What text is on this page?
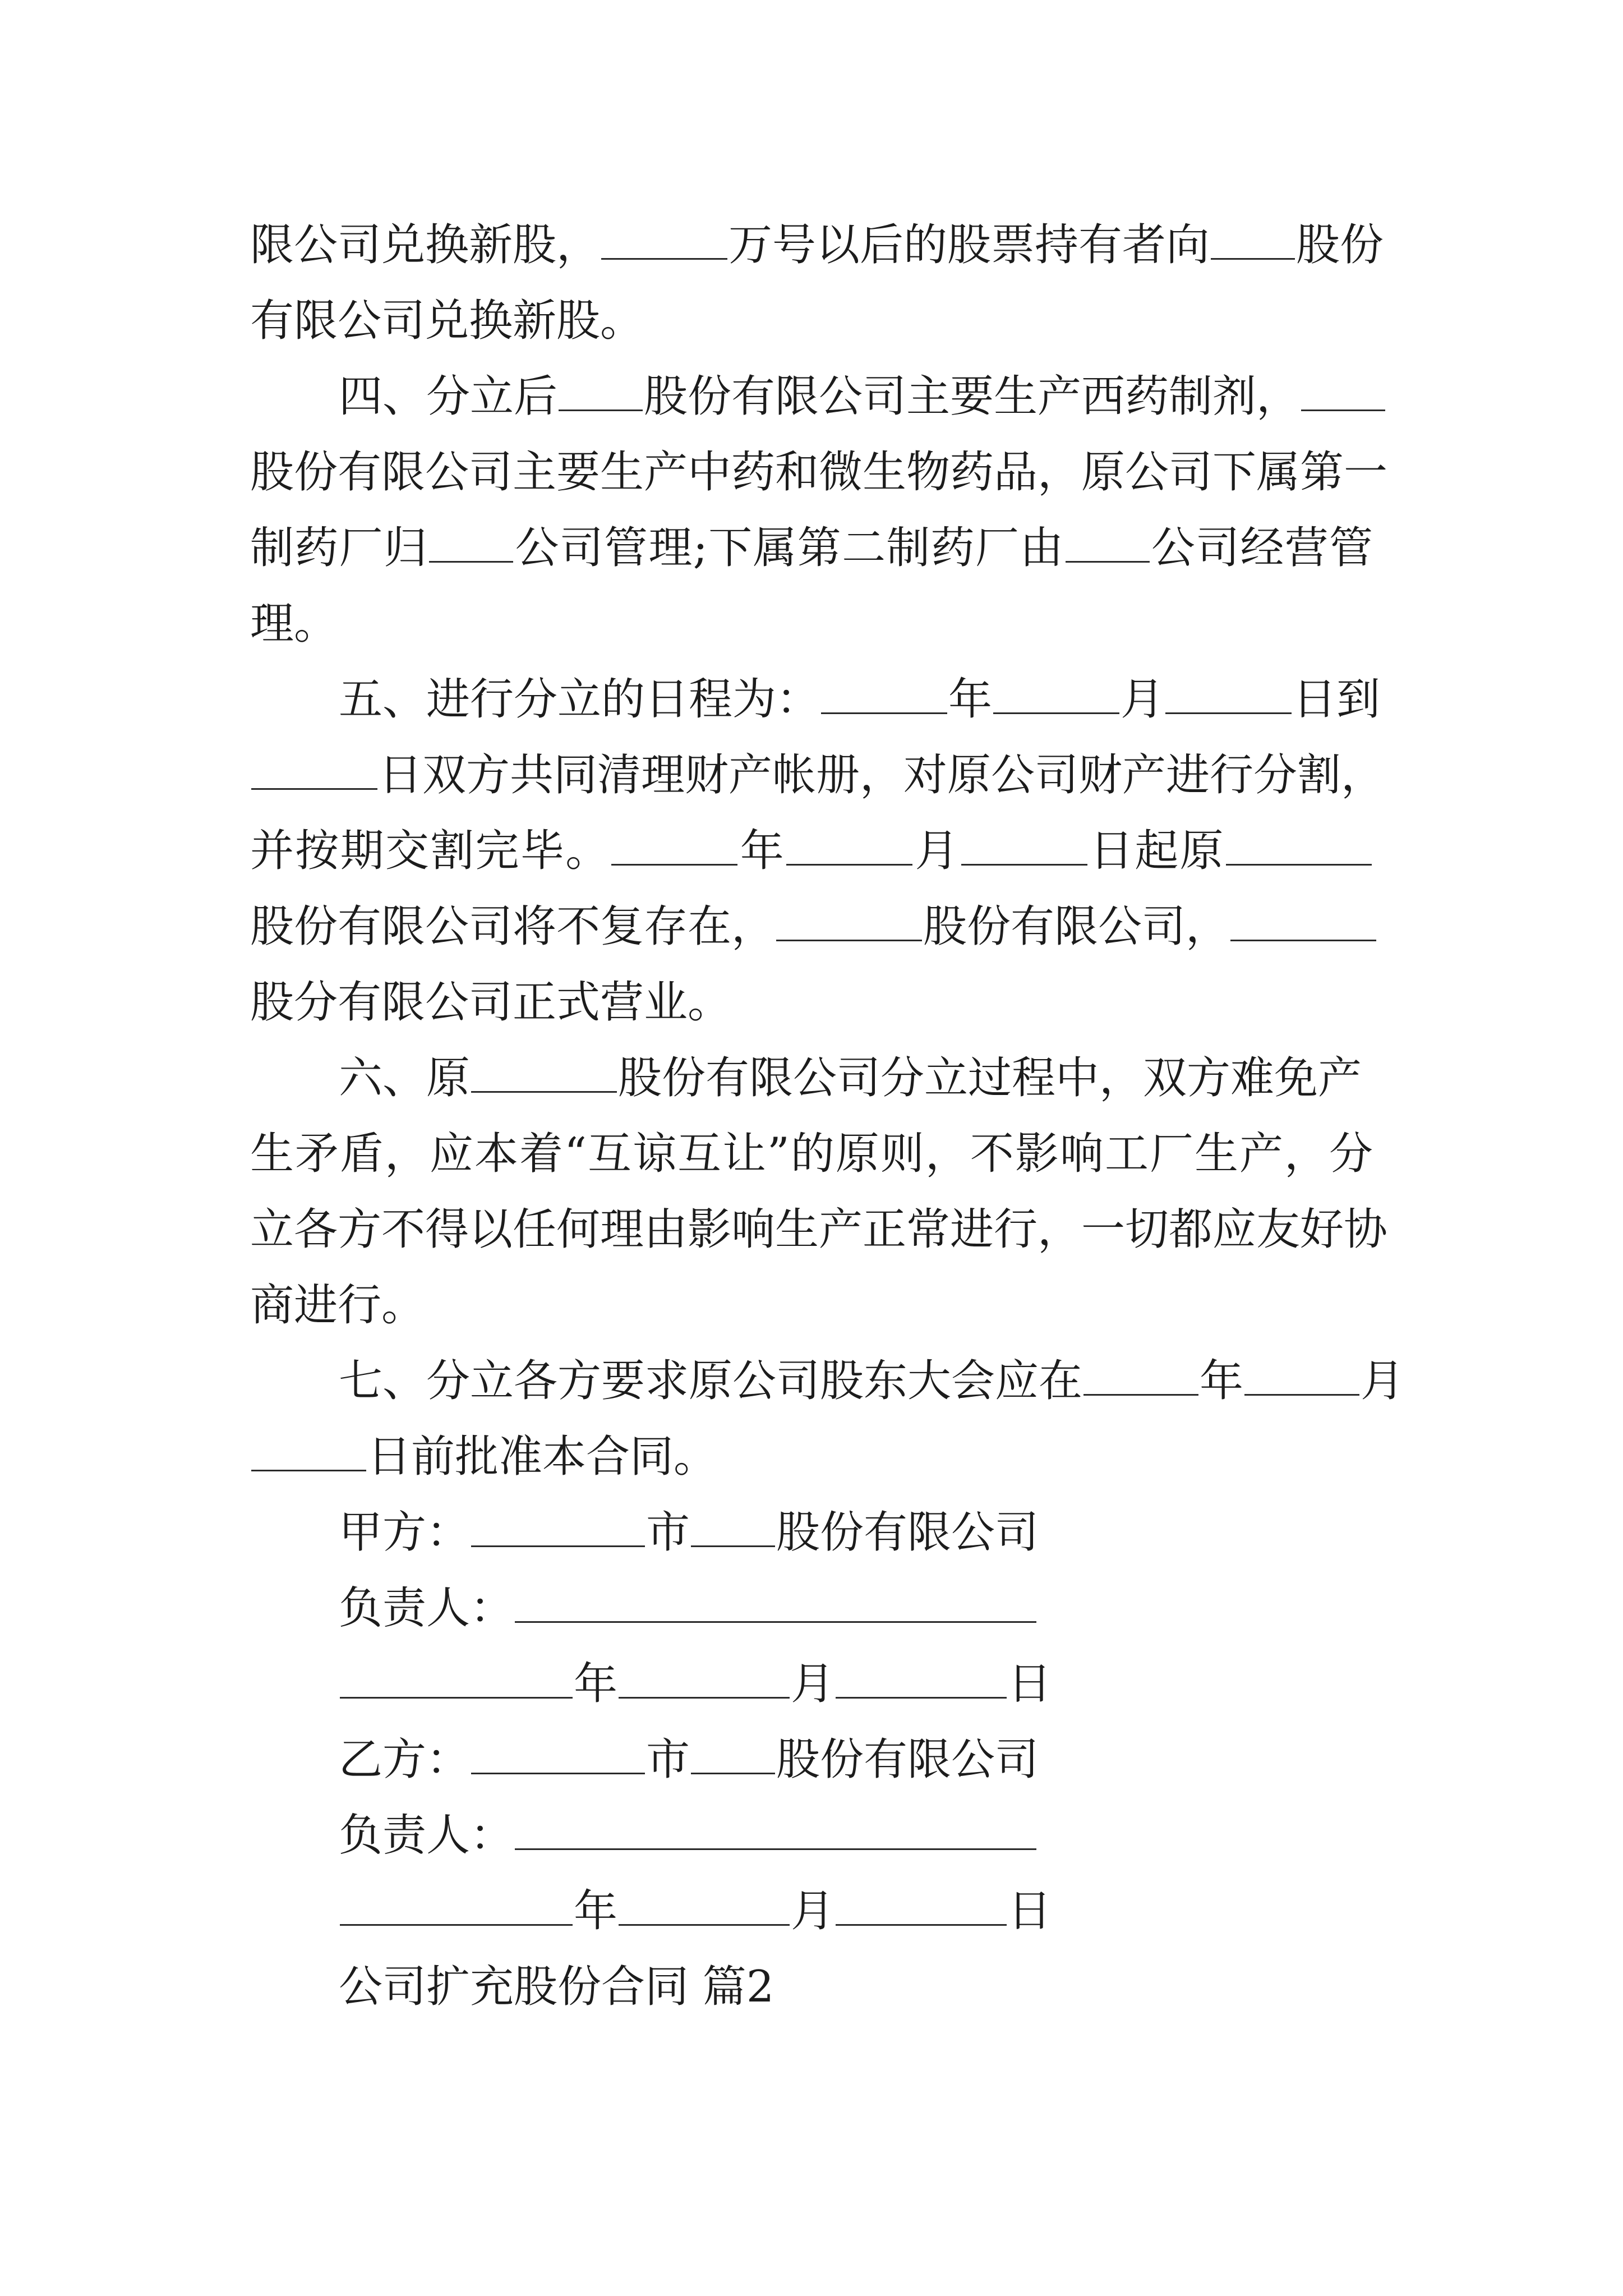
限公司兑换新股，	万号以后的股票持有者向 股份
有限公司兑换新股。
四、分立后 股份有限公司主要生产西药制剂，
股份有限公司主要生产中药和微生物药品，原公司下属第一
制药厂归 公司管理;下属第二制药厂由 公司经营管
理。
五、进行分立的日程为：	年	月	日到
日双方共同清理财产帐册，对原公司财产进行分割，
并按期交割完毕。	年	月	日起原
股份有限公司将不复存在，	股份有限公司，
股分有限公司正式营业。
六、原	股份有限公司分立过程中，双方难免产
生矛盾，应本着“互谅互让”的原则，不影响工厂生产，分
立各方不得以任何理由影响生产正常进行，一切都应友好协
商进行。
七、分立各方要求原公司股东大会应在	年	月
日前批准本合同。
甲方：	市 股份有限公司
负责人：
年	月	日
乙方：	市 股份有限公司
负责人：
年	月	日
公司扩充股份合同 篇2
